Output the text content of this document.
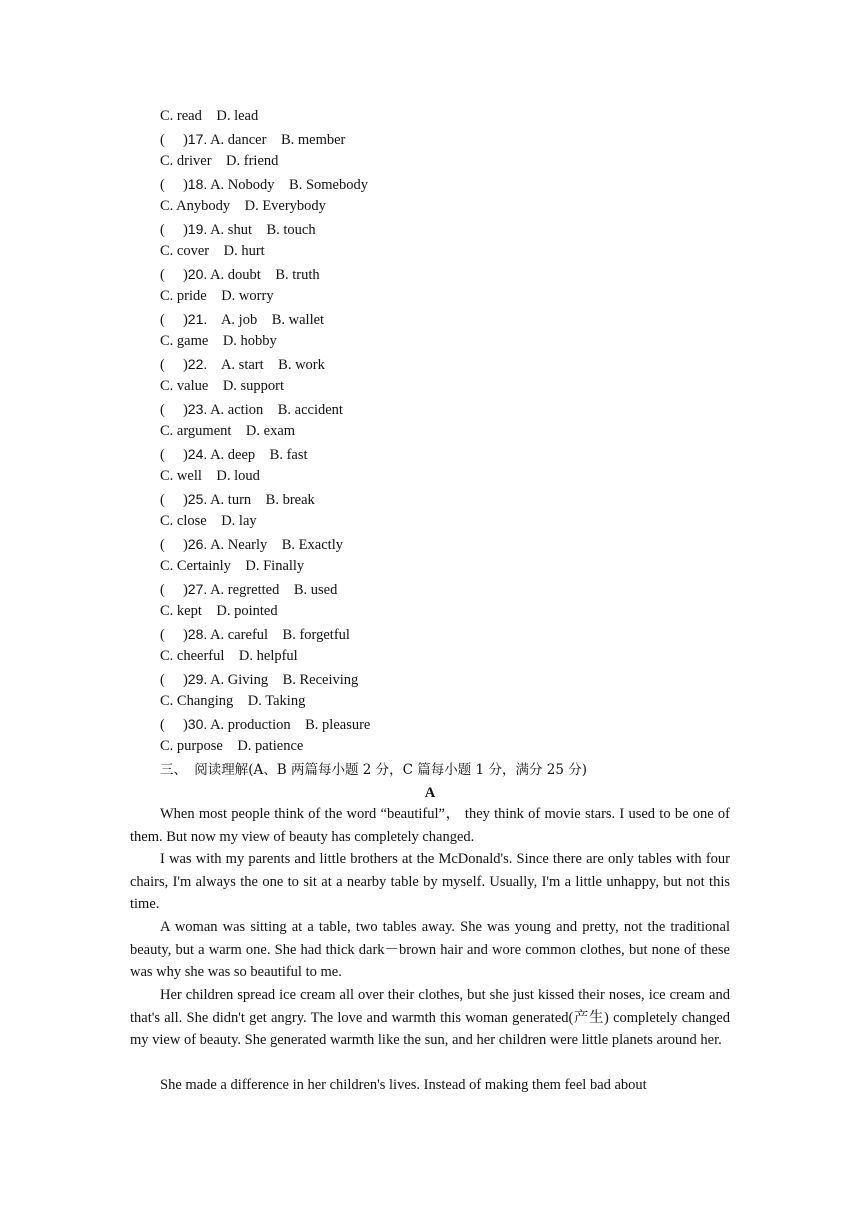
C. read    D. lead
(     )17. A. dancer    B. member
C. driver    D. friend
(     )18. A. Nobody    B. Somebody
C. Anybody    D. Everybody
(     )19. A. shut    B. touch
C. cover    D. hurt
(     )20. A. doubt    B. truth
C. pride    D. worry
(     )21.    A. job    B. wallet
C. game    D. hobby
(     )22.    A. start    B. work
C. value    D. support
(     )23. A. action    B. accident
C. argument    D. exam
(     )24. A. deep    B. fast
C. well    D. loud
(     )25. A. turn    B. break
C. close    D. lay
(     )26. A. Nearly    B. Exactly
C. Certainly    D. Finally
(     )27. A. regretted    B. used
C. kept    D. pointed
(     )28. A. careful    B. forgetful
C. cheerful    D. helpful
(     )29. A. Giving    B. Receiving
C. Changing    D. Taking
(     )30. A. production    B. pleasure
C. purpose    D. patience
三、 阅读理解(A、B 两篇每小题 2 分，C 篇每小题 1 分，满分 25 分)
A
When most people think of the word “beautiful”， they think of movie stars. I used to be one of them. But now my view of beauty has completely changed.
I was with my parents and little brothers at the McDonald's. Since there are only tables with four chairs, I'm always the one to sit at a nearby table by myself. Usually, I'm a little unhappy, but not this time.
A woman was sitting at a table, two tables away. She was young and pretty, not the traditional beauty, but a warm one. She had thick dark－brown hair and wore common clothes, but none of these was why she was so beautiful to me.
Her children spread ice cream all over their clothes, but she just kissed their noses, ice cream and that's all. She didn't get angry. The love and warmth this woman generated(产生) completely changed my view of beauty. She generated warmth like the sun, and her children were little planets around her.
She made a difference in her children's lives. Instead of making them feel bad about
